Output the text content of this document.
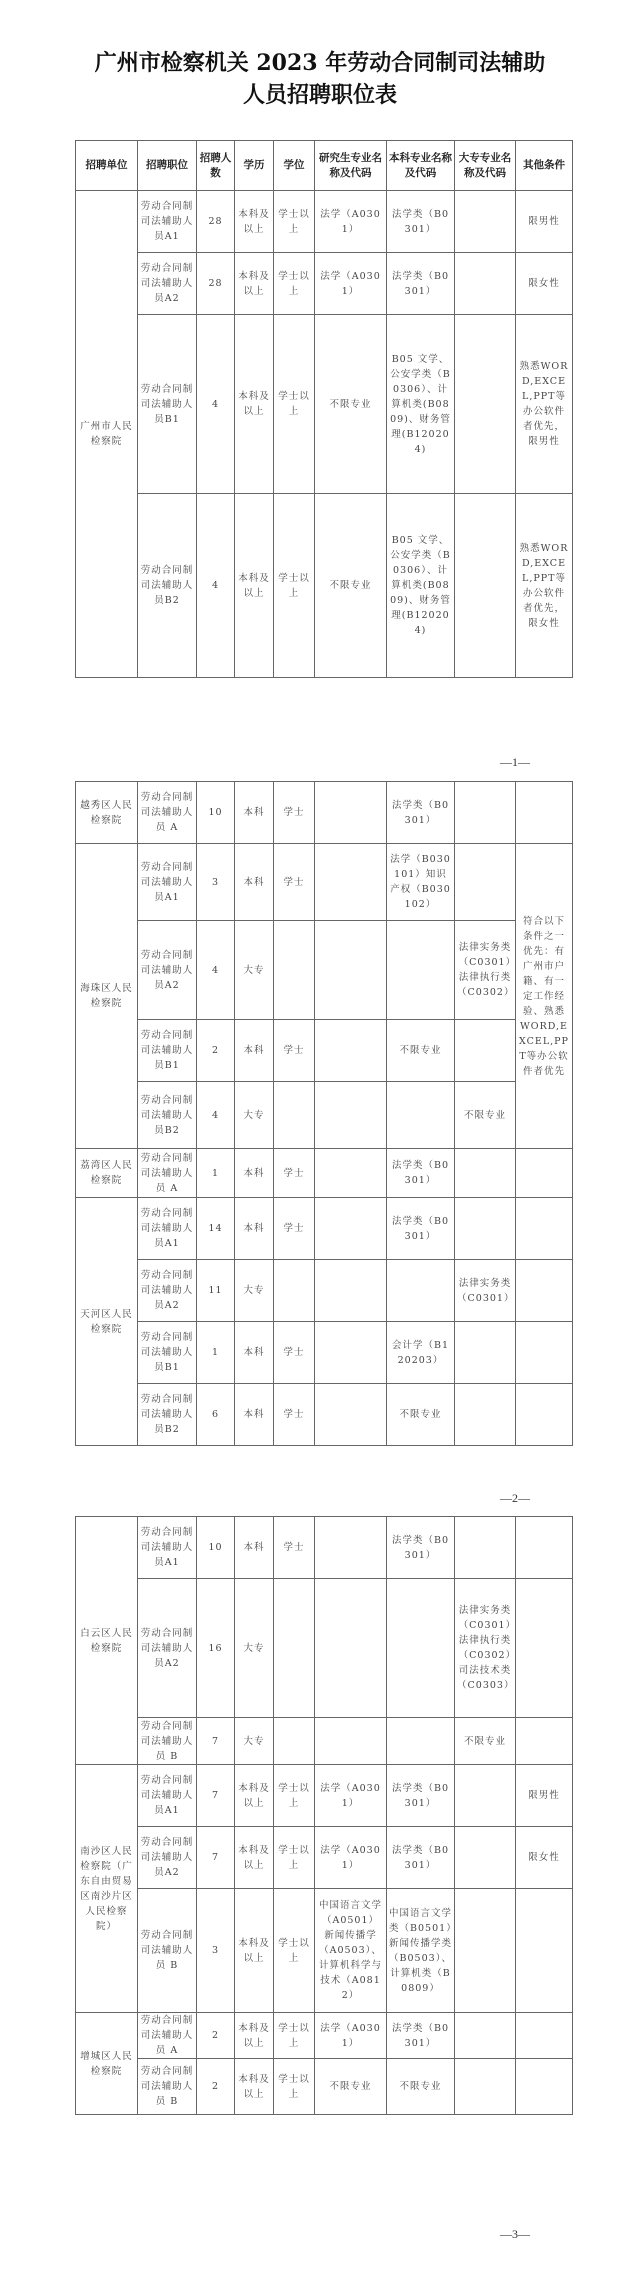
广州市检察机关 2023 年劳动合同制司法辅助
人员招聘职位表
—1—
—2—
—3—
招聘单位	招聘职位	招聘人数	学历	学位	研究生专业名称及代码	本科专业名称及代码	大专专业名称及代码	其他条件
广州市人民检察院	劳动合同制司法辅助人员A1	28	本科及以上	学士以上	法学（A0301）	法学类（B0301）		限男性
	劳动合同制司法辅助人员A2	28	本科及以上	学士以上	法学（A0301）	法学类（B0301）		限女性
	劳动合同制司法辅助人员B1	4	本科及以上	学士以上	不限专业	B05 文学、公安学类（B0306）、计算机类(B0809)、财务管理(B120204)		熟悉WORD,EXCEL,PPT等办公软件者优先，限男性
	劳动合同制司法辅助人员B2	4	本科及以上	学士以上	不限专业	B05 文学、公安学类（B0306）、计算机类(B0809)、财务管理(B120204)		熟悉WORD,EXCEL,PPT等办公软件者优先，限女性
越秀区人民检察院	劳动合同制司法辅助人员 A	10	本科	学士		法学类（B0301）		
海珠区人民检察院	劳动合同制司法辅助人员A1	3	本科	学士		法学（B030101）知识产权（B030102）		符合以下条件之一优先：有广州市户籍、有一定工作经验、熟悉WORD,EXCEL,PPT等办公软件者优先
	劳动合同制司法辅助人员A2	4	大专				法律实务类（C0301）法律执行类（C0302）	
	劳动合同制司法辅助人员B1	2	本科	学士		不限专业		
	劳动合同制司法辅助人员B2	4	大专				不限专业	
荔湾区人民检察院	劳动合同制司法辅助人员 A	1	本科	学士		法学类（B0301）		
天河区人民检察院	劳动合同制司法辅助人员A1	14	本科	学士		法学类（B0301）		
	劳动合同制司法辅助人员A2	11	大专				法律实务类（C0301）	
	劳动合同制司法辅助人员B1	1	本科	学士		会计学（B120203）		
	劳动合同制司法辅助人员B2	6	本科	学士		不限专业		
白云区人民检察院	劳动合同制司法辅助人员A1	10	本科	学士		法学类（B0301）		
	劳动合同制司法辅助人员A2	16	大专				法律实务类（C0301）法律执行类（C0302）司法技术类（C0303）	
	劳动合同制司法辅助人员 B	7	大专				不限专业	
南沙区人民检察院（广东自由贸易区南沙片区人民检察院）	劳动合同制司法辅助人员A1	7	本科及以上	学士以上	法学（A0301）	法学类（B0301）		限男性
	劳动合同制司法辅助人员A2	7	本科及以上	学士以上	法学（A0301）	法学类（B0301）		限女性
	劳动合同制司法辅助人员 B	3	本科及以上	学士以上	中国语言文学（A0501）新闻传播学（A0503）、计算机科学与技术（A0812）	中国语言文学类（B0501）新闻传播学类（B0503）、计算机类（B0809）		
增城区人民检察院	劳动合同制司法辅助人员 A	2	本科及以上	学士以上	法学（A0301）	法学类（B0301）		
	劳动合同制司法辅助人员 B	2	本科及以上	学士以上	不限专业	不限专业		
